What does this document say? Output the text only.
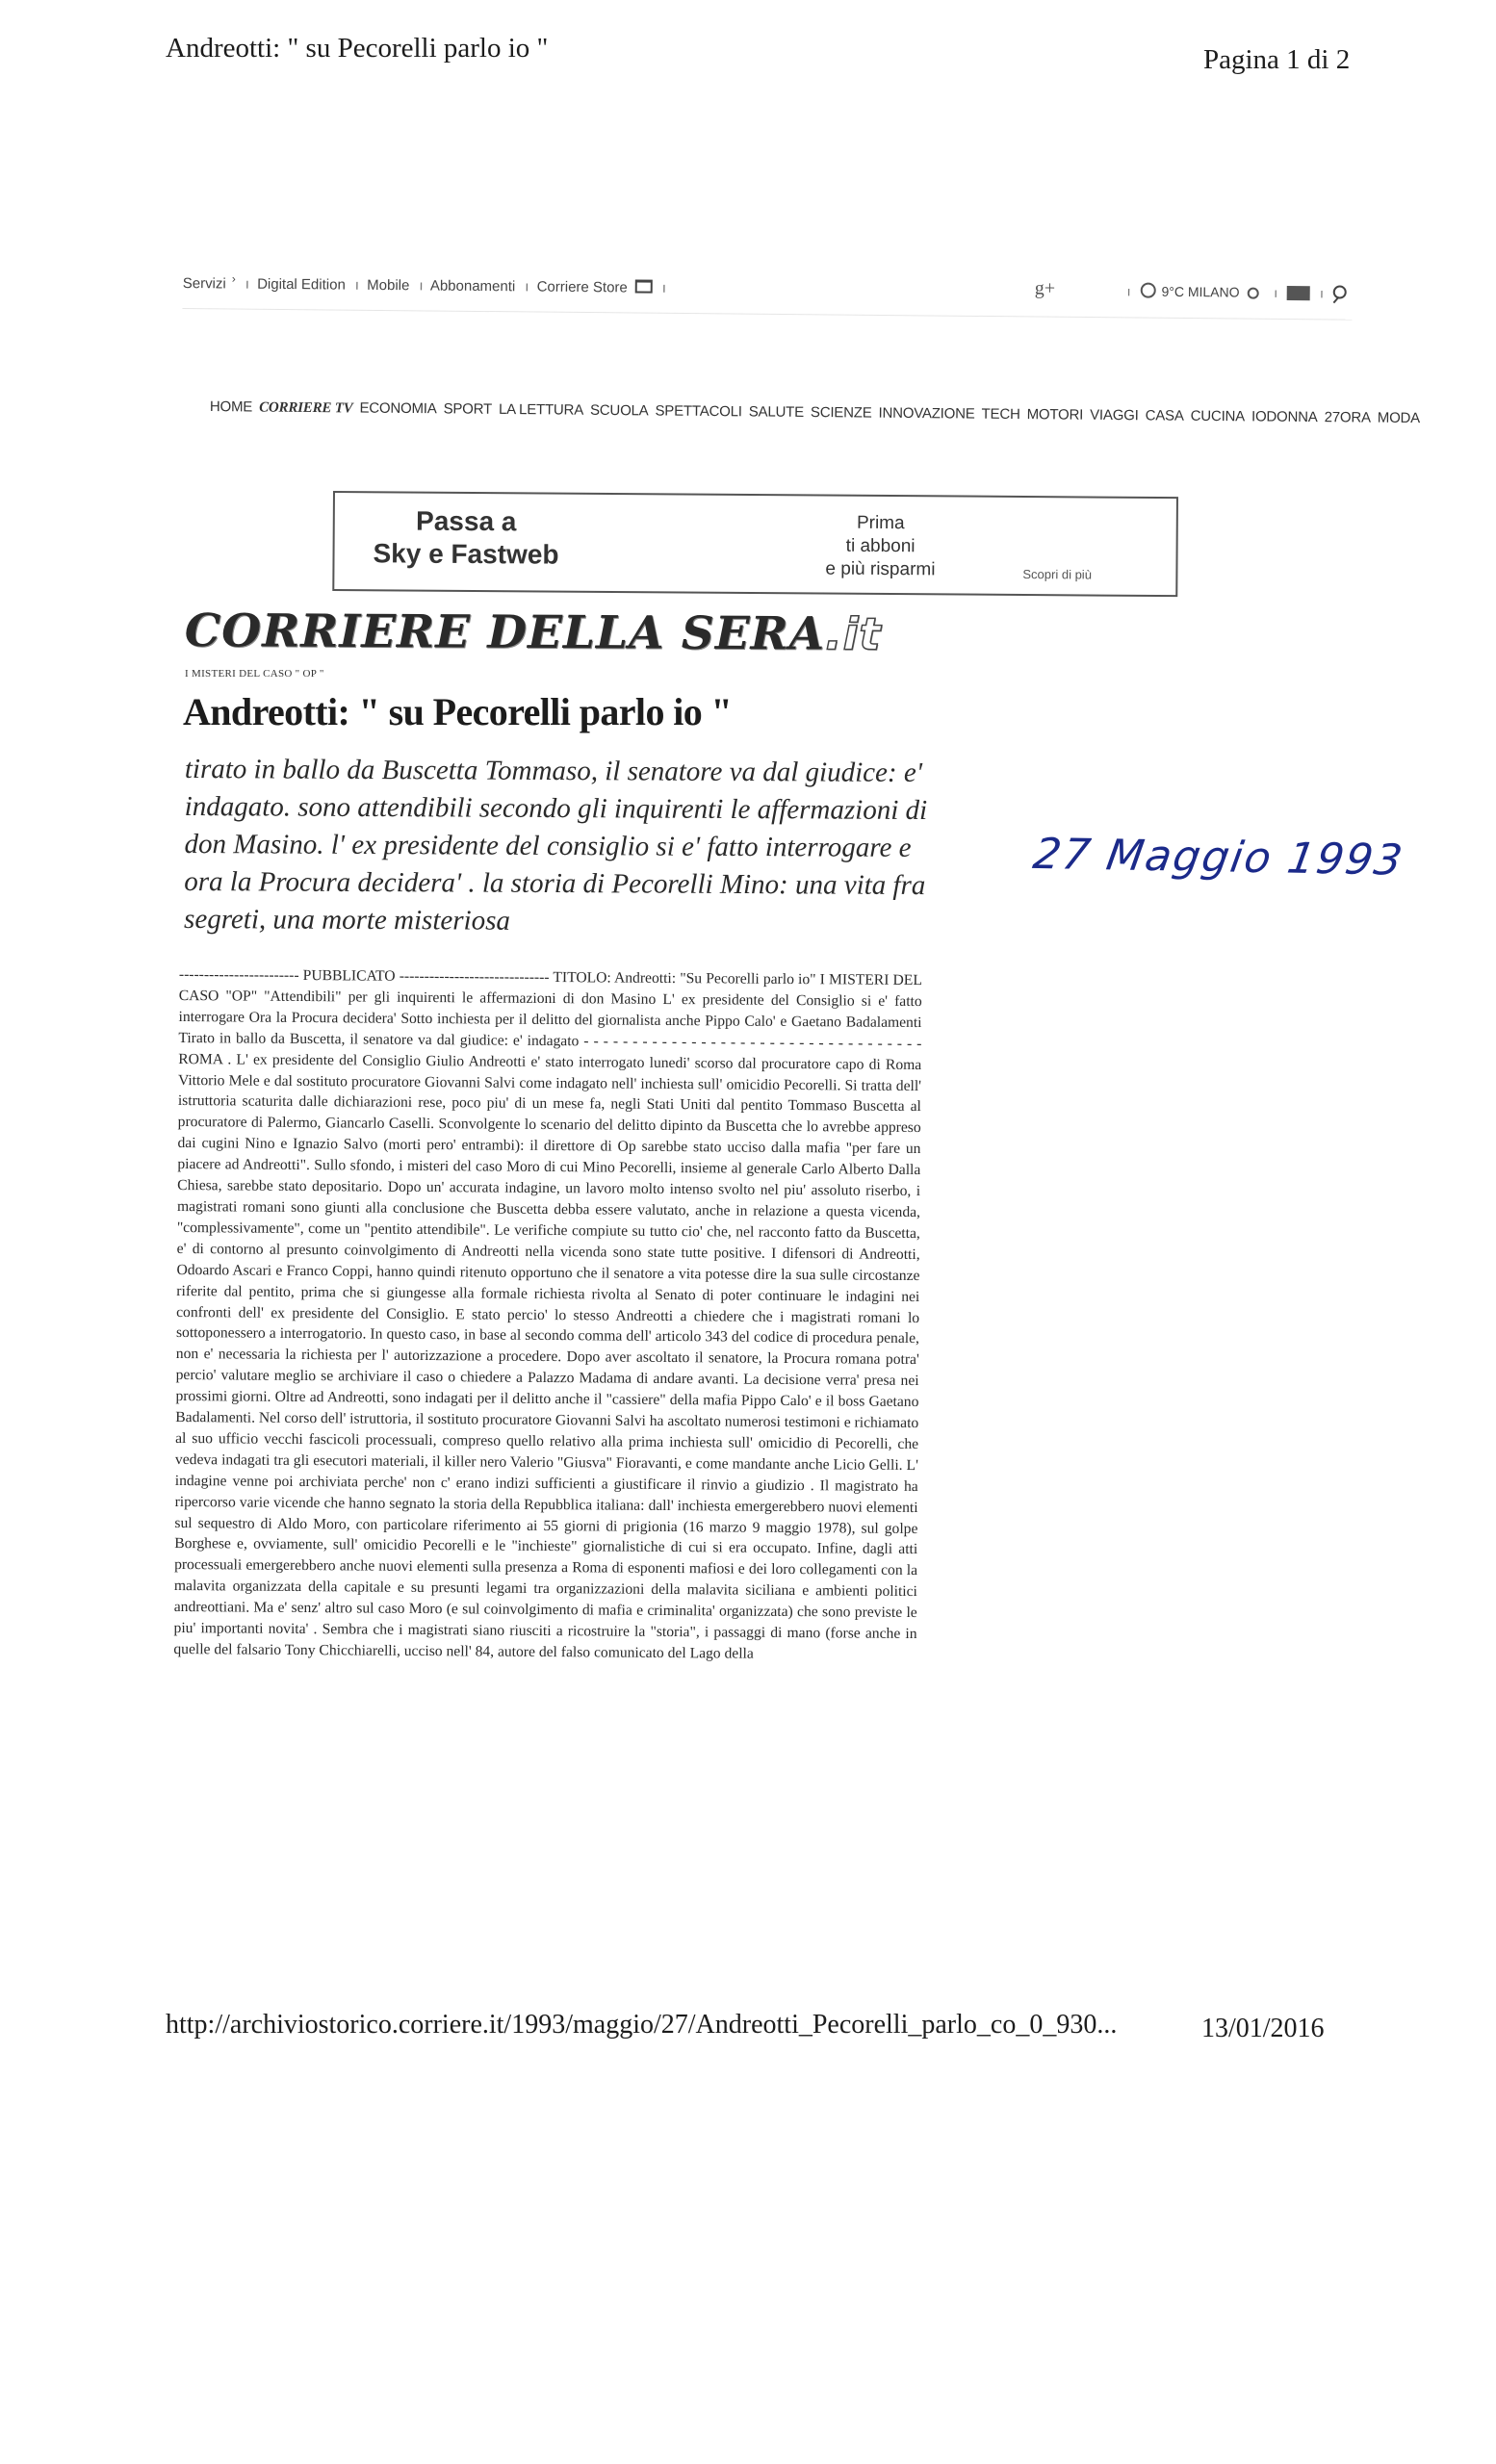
Andreotti: " su Pecorelli parlo io "	Pagina 1 di 2
Servizi › ı Digital Edition ı Mobile ı Abbonamenti ı Corriere Store ı	g+	ı 9°C MILANO	ı	ı
HOME CORRIERE TV ECONOMIA SPORT LA LETTURA SCUOLA SPETTACOLI SALUTE SCIENZE INNOVAZIONE TECH MOTORI VIAGGI CASA CUCINA IODONNA 27ORA MODA
Passa a
Sky e Fastweb
Prima
ti abboni
e più risparmi	Scopri di più
CORRIERE DELLA SERA.it
I MISTERI DEL CASO " OP "
Andreotti: " su Pecorelli parlo io "
tirato in ballo da Buscetta Tommaso, il senatore va dal giudice: e' indagato. sono attendibili secondo gli inquirenti le affermazioni di don Masino. l' ex presidente del consiglio si e' fatto interrogare e ora la Procura decidera' . la storia di Pecorelli Mino: una vita fra segreti, una morte misteriosa
27 Maggio 1993
------------------------ PUBBLICATO ------------------------------ TITOLO: Andreotti: "Su Pecorelli parlo io" I MISTERI DEL CASO "OP" "Attendibili" per gli inquirenti le affermazioni di don Masino L' ex presidente del Consiglio si e' fatto interrogare Ora la Procura decidera' Sotto inchiesta per il delitto del giornalista anche Pippo Calo' e Gaetano Badalamenti Tirato in ballo da Buscetta, il senatore va dal giudice: e' indagato - - - - - - - - - - - - - - - - - - - - - - - - - - - - - - - - - - - ROMA . L' ex presidente del Consiglio Giulio Andreotti e' stato interrogato lunedi' scorso dal procuratore capo di Roma Vittorio Mele e dal sostituto procuratore Giovanni Salvi come indagato nell' inchiesta sull' omicidio Pecorelli. Si tratta dell' istruttoria scaturita dalle dichiarazioni rese, poco piu' di un mese fa, negli Stati Uniti dal pentito Tommaso Buscetta al procuratore di Palermo, Giancarlo Caselli. Sconvolgente lo scenario del delitto dipinto da Buscetta che lo avrebbe appreso dai cugini Nino e Ignazio Salvo (morti pero' entrambi): il direttore di Op sarebbe stato ucciso dalla mafia "per fare un piacere ad Andreotti". Sullo sfondo, i misteri del caso Moro di cui Mino Pecorelli, insieme al generale Carlo Alberto Dalla Chiesa, sarebbe stato depositario. Dopo un' accurata indagine, un lavoro molto intenso svolto nel piu' assoluto riserbo, i magistrati romani sono giunti alla conclusione che Buscetta debba essere valutato, anche in relazione a questa vicenda, "complessivamente", come un "pentito attendibile". Le verifiche compiute su tutto cio' che, nel racconto fatto da Buscetta, e' di contorno al presunto coinvolgimento di Andreotti nella vicenda sono state tutte positive. I difensori di Andreotti, Odoardo Ascari e Franco Coppi, hanno quindi ritenuto opportuno che il senatore a vita potesse dire la sua sulle circostanze riferite dal pentito, prima che si giungesse alla formale richiesta rivolta al Senato di poter continuare le indagini nei confronti dell' ex presidente del Consiglio. E stato percio' lo stesso Andreotti a chiedere che i magistrati romani lo sottoponessero a interrogatorio. In questo caso, in base al secondo comma dell' articolo 343 del codice di procedura penale, non e' necessaria la richiesta per l' autorizzazione a procedere. Dopo aver ascoltato il senatore, la Procura romana potra' percio' valutare meglio se archiviare il caso o chiedere a Palazzo Madama di andare avanti. La decisione verra' presa nei prossimi giorni. Oltre ad Andreotti, sono indagati per il delitto anche il "cassiere" della mafia Pippo Calo' e il boss Gaetano Badalamenti. Nel corso dell' istruttoria, il sostituto procuratore Giovanni Salvi ha ascoltato numerosi testimoni e richiamato al suo ufficio vecchi fascicoli processuali, compreso quello relativo alla prima inchiesta sull' omicidio di Pecorelli, che vedeva indagati tra gli esecutori materiali, il killer nero Valerio "Giusva" Fioravanti, e come mandante anche Licio Gelli. L' indagine venne poi archiviata perche' non c' erano indizi sufficienti a giustificare il rinvio a giudizio . Il magistrato ha ripercorso varie vicende che hanno segnato la storia della Repubblica italiana: dall' inchiesta emergerebbero nuovi elementi sul sequestro di Aldo Moro, con particolare riferimento ai 55 giorni di prigionia (16 marzo 9 maggio 1978), sul golpe Borghese e, ovviamente, sull' omicidio Pecorelli e le "inchieste" giornalistiche di cui si era occupato. Infine, dagli atti processuali emergerebbero anche nuovi elementi sulla presenza a Roma di esponenti mafiosi e dei loro collegamenti con la malavita organizzata della capitale e su presunti legami tra organizzazioni della malavita siciliana e ambienti politici andreottiani. Ma e' senz' altro sul caso Moro (e sul coinvolgimento di mafia e criminalita' organizzata) che sono previste le piu' importanti novita' . Sembra che i magistrati siano riusciti a ricostruire la "storia", i passaggi di mano (forse anche in quelle del falsario Tony Chicchiarelli, ucciso nell' 84, autore del falso comunicato del Lago della
http://archiviostorico.corriere.it/1993/maggio/27/Andreotti_Pecorelli_parlo_co_0_930...	13/01/2016
